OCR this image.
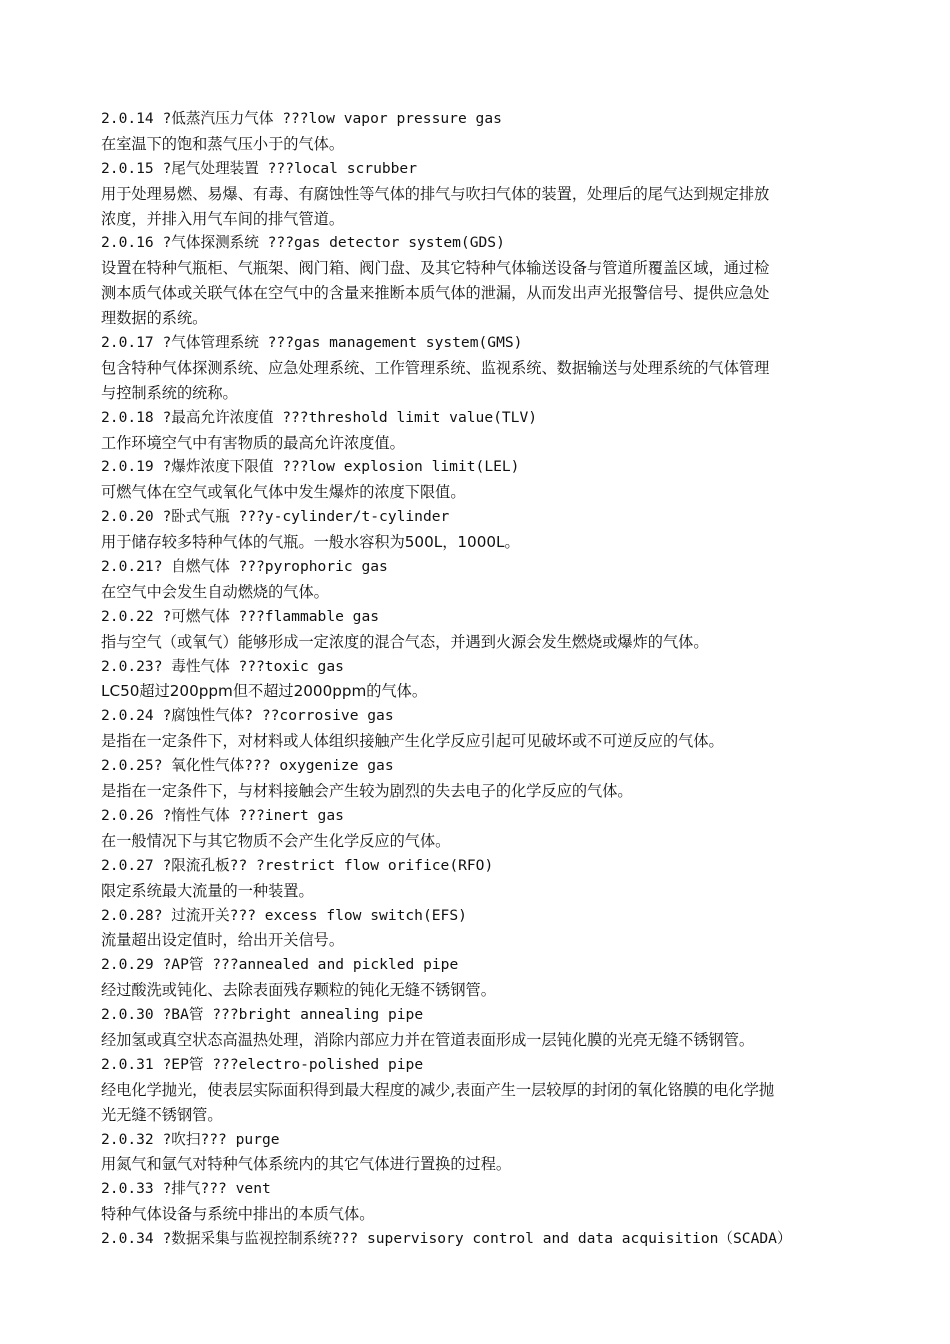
2.0.14 ?低蒸汽压力气体 ???low vapor pressure gas
在室温下的饱和蒸气压小于的气体。
2.0.15 ?尾气处理装置 ???local scrubber
用于处理易燃、易爆、有毒、有腐蚀性等气体的排气与吹扫气体的装置，处理后的尾气达到规定排放
浓度，并排入用气车间的排气管道。
2.0.16 ?气体探测系统 ???gas detector system(GDS)
设置在特种气瓶柜、气瓶架、阀门箱、阀门盘、及其它特种气体输送设备与管道所覆盖区域，通过检
测本质气体或关联气体在空气中的含量来推断本质气体的泄漏，从而发出声光报警信号、提供应急处
理数据的系统。
2.0.17 ?气体管理系统 ???gas management system(GMS)
包含特种气体探测系统、应急处理系统、工作管理系统、监视系统、数据输送与处理系统的气体管理
与控制系统的统称。
2.0.18 ?最高允许浓度值 ???threshold limit value(TLV)
工作环境空气中有害物质的最高允许浓度值。
2.0.19 ?爆炸浓度下限值 ???low explosion limit(LEL)
可燃气体在空气或氧化气体中发生爆炸的浓度下限值。
2.0.20 ?卧式气瓶 ???y-cylinder/t-cylinder
用于储存较多特种气体的气瓶。一般水容积为500L，1000L。
2.0.21? 自燃气体 ???pyrophoric gas
在空气中会发生自动燃烧的气体。
2.0.22 ?可燃气体 ???flammable gas
指与空气（或氧气）能够形成一定浓度的混合气态，并遇到火源会发生燃烧或爆炸的气体。
2.0.23? 毒性气体 ???toxic gas
LC50超过200ppm但不超过2000ppm的气体。
2.0.24 ?腐蚀性气体? ??corrosive gas
是指在一定条件下，对材料或人体组织接触产生化学反应引起可见破坏或不可逆反应的气体。
2.0.25? 氧化性气体??? oxygenize gas
是指在一定条件下，与材料接触会产生较为剧烈的失去电子的化学反应的气体。
2.0.26 ?惰性气体 ???inert gas
在一般情况下与其它物质不会产生化学反应的气体。
2.0.27 ?限流孔板?? ?restrict flow orifice(RFO)
限定系统最大流量的一种装置。
2.0.28? 过流开关??? excess flow switch(EFS)
流量超出设定值时，给出开关信号。
2.0.29 ?AP管 ???annealed and pickled pipe
经过酸洗或钝化、去除表面残存颗粒的钝化无缝不锈钢管。
2.0.30 ?BA管 ???bright annealing pipe
经加氢或真空状态高温热处理，消除内部应力并在管道表面形成一层钝化膜的光亮无缝不锈钢管。
2.0.31 ?EP管 ???electro-polished pipe
经电化学抛光，使表层实际面积得到最大程度的减少,表面产生一层较厚的封闭的氧化铬膜的电化学抛
光无缝不锈钢管。
2.0.32 ?吹扫??? purge
用氮气和氩气对特种气体系统内的其它气体进行置换的过程。
2.0.33 ?排气??? vent
特种气体设备与系统中排出的本质气体。
2.0.34 ?数据采集与监视控制系统??? supervisory control and data acquisition（SCADA）
